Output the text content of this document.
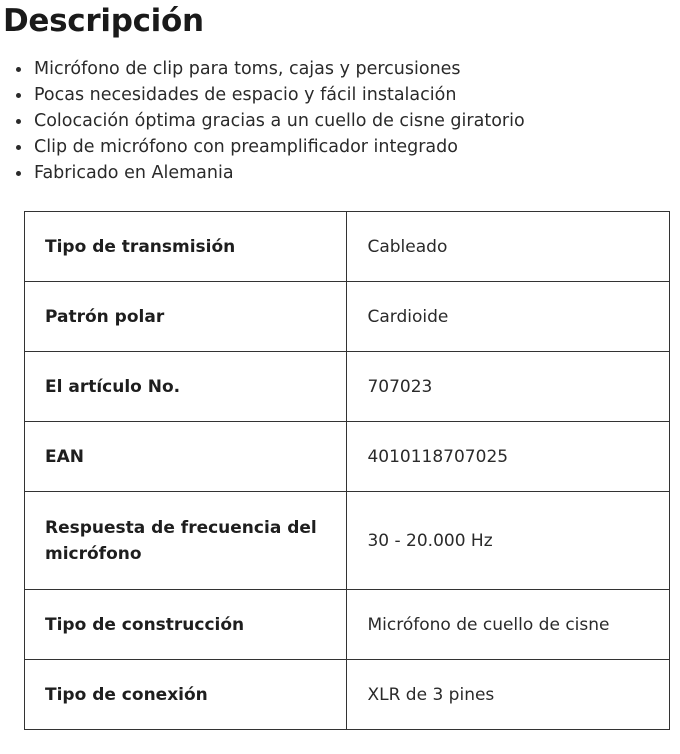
Descripción
Micrófono de clip para toms, cajas y percusiones
Pocas necesidades de espacio y fácil instalación
Colocación óptima gracias a un cuello de cisne giratorio
Clip de micrófono con preamplificador integrado
Fabricado en Alemania
Tipo de transmisión	Cableado
Patrón polar	Cardioide
El artículo No.	707023
EAN	4010118707025
Respuesta de frecuencia del micrófono	30 - 20.000 Hz
Tipo de construcción	Micrófono de cuello de cisne
Tipo de conexión	XLR de 3 pines
